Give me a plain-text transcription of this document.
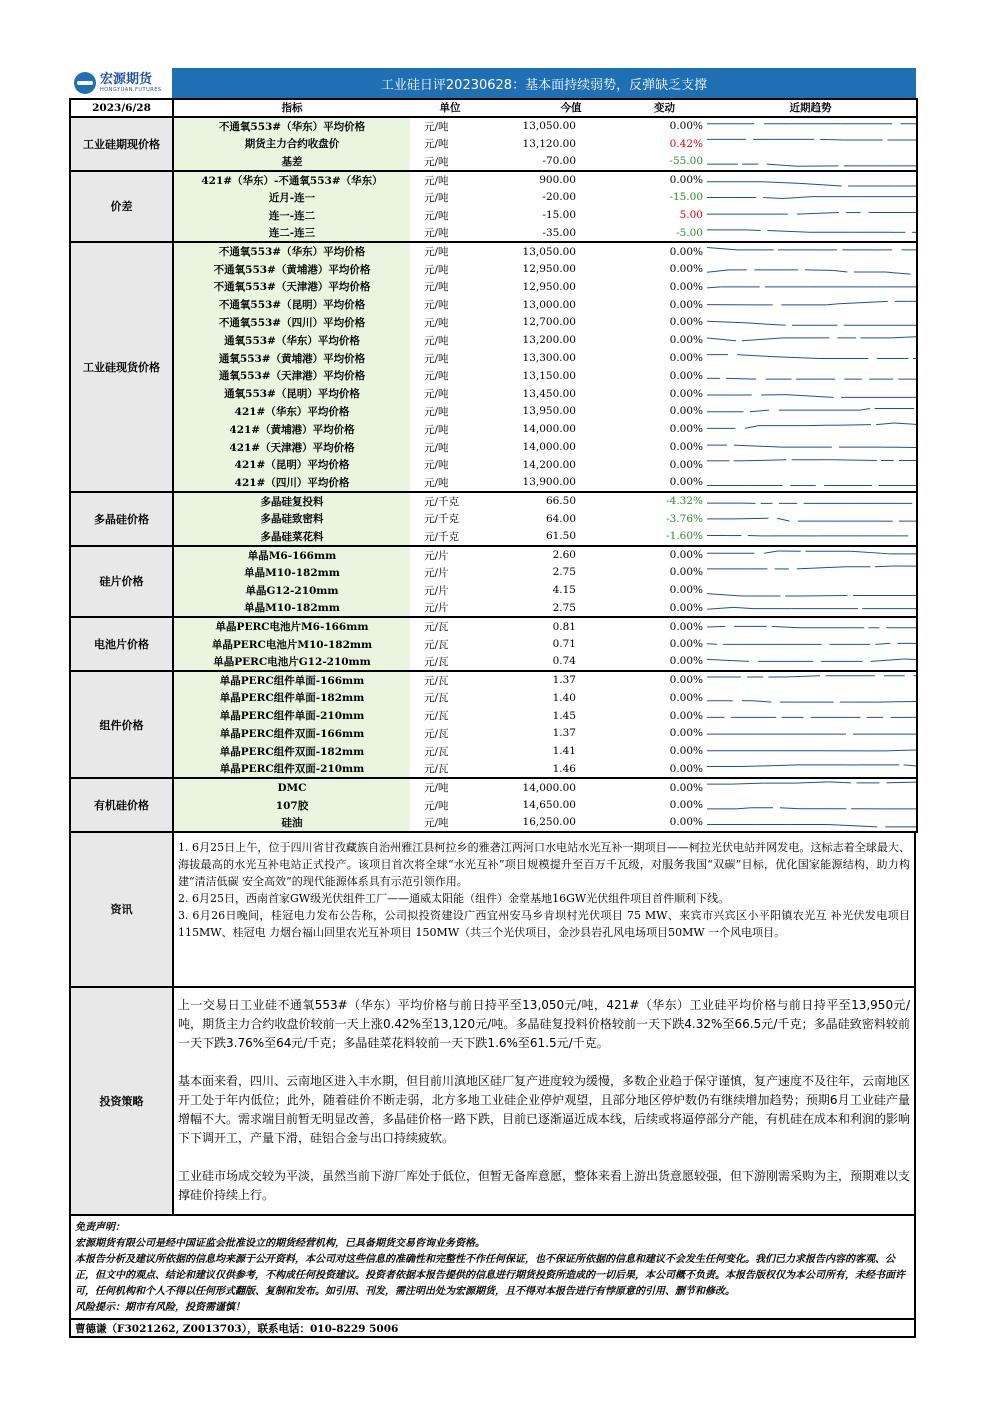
宏源期货
HONGYUAN FUTURES	工业硅日评20230628：基本面持续弱势，反弹缺乏支撑
2023/6/28	指标	单位	今值	变动	近期趋势
工业硅期现价格	不通氧553#（华东）平均价格	元/吨	13,050.00	0.00%	

	期货主力合约收盘价	元/吨	13,120.00	0.42%	

	基差	元/吨	-70.00	-55.00	

价差	421#（华东）-不通氧553#（华东）	元/吨	900.00	0.00%	

	近月-连一	元/吨	-20.00	-15.00	

	连一-连二	元/吨	-15.00	5.00	

	连二-连三	元/吨	-35.00	-5.00	

工业硅现货价格	不通氧553#（华东）平均价格	元/吨	13,050.00	0.00%	

	不通氧553#（黄埔港）平均价格	元/吨	12,950.00	0.00%	

	不通氧553#（天津港）平均价格	元/吨	12,950.00	0.00%	

	不通氧553#（昆明）平均价格	元/吨	13,000.00	0.00%	

	不通氧553#（四川）平均价格	元/吨	12,700.00	0.00%	

	通氧553#（华东）平均价格	元/吨	13,200.00	0.00%	

	通氧553#（黄埔港）平均价格	元/吨	13,300.00	0.00%	

	通氧553#（天津港）平均价格	元/吨	13,150.00	0.00%	

	通氧553#（昆明）平均价格	元/吨	13,450.00	0.00%	

	421#（华东）平均价格	元/吨	13,950.00	0.00%	

	421#（黄埔港）平均价格	元/吨	14,000.00	0.00%	

	421#（天津港）平均价格	元/吨	14,000.00	0.00%	

	421#（昆明）平均价格	元/吨	14,200.00	0.00%	

	421#（四川）平均价格	元/吨	13,900.00	0.00%	

多晶硅价格	多晶硅复投料	元/千克	66.50	-4.32%	

	多晶硅致密料	元/千克	64.00	-3.76%	

	多晶硅菜花料	元/千克	61.50	-1.60%	

硅片价格	单晶M6-166mm	元/片	2.60	0.00%	

	单晶M10-182mm	元/片	2.75	0.00%	

	单晶G12-210mm	元/片	4.15	0.00%	

	单晶M10-182mm	元/片	2.75	0.00%	

电池片价格	单晶PERC电池片M6-166mm	元/瓦	0.81	0.00%	

	单晶PERC电池片M10-182mm	元/瓦	0.71	0.00%	

	单晶PERC电池片G12-210mm	元/瓦	0.74	0.00%	

组件价格	单晶PERC组件单面-166mm	元/瓦	1.37	0.00%	

	单晶PERC组件单面-182mm	元/瓦	1.40	0.00%	

	单晶PERC组件单面-210mm	元/瓦	1.45	0.00%	

	单晶PERC组件双面-166mm	元/瓦	1.37	0.00%	

	单晶PERC组件双面-182mm	元/瓦	1.41	0.00%	

	单晶PERC组件双面-210mm	元/瓦	1.46	0.00%	

有机硅价格	DMC	元/吨	14,000.00	0.00%	

	107胶	元/吨	14,650.00	0.00%	

	硅油	元/吨	16,250.00	0.00%	
资讯

1. 6月25日上午，位于四川省甘孜藏族自治州雅江县柯拉乡的雅砻江两河口水电站水光互补一期项目——柯拉光伏电站并网发电。这标志着全球最大、海拔最高的水光互补电站正式投产。该项目首次将全球“水光互补”项目规模提升至百万千瓦级，对服务我国“双碳”目标，优化国家能源结构，助力构建“清洁低碳 安全高效”的现代能源体系具有示范引领作用。

2. 6月25日，西南首家GW级光伏组件工厂——通威太阳能（组件）金堂基地16GW光伏组件项目首件顺利下线。

3. 6月26日晚间，桂冠电力发布公告称，公司拟投资建设广西宜州安马乡肯坝村光伏项目 75 MW、来宾市兴宾区小平阳镇农光互 补光伏发电项目 115MW、桂冠电 力烟台福山回里农光互补项目 150MW（共三个光伏项目，金沙县岩孔风电场项目50MW 一个风电项目。

投资策略

上一交易日工业硅不通氧553#（华东）平均价格与前日持平至13,050元/吨，421#（华东）工业硅平均价格与前日持平至13,950元/吨，期货主力合约收盘价较前一天上涨0.42%至13,120元/吨。多晶硅复投料价格较前一天下跌4.32%至66.5元/千克；多晶硅致密料较前一天下跌3.76%至64元/千克；多晶硅菜花料较前一天下跌1.6%至61.5元/千克。

基本面来看，四川、云南地区进入丰水期，但目前川滇地区硅厂复产进度较为缓慢，多数企业趋于保守谨慎，复产速度不及往年，云南地区开工处于年内低位；此外，随着硅价不断走弱，北方多地工业硅企业停炉观望，且部分地区停炉数仍有继续增加趋势；预期6月工业硅产量增幅不大。需求端目前暂无明显改善，多晶硅价格一路下跌，目前已逐渐逼近成本线，后续或将逼停部分产能，有机硅在成本和利润的影响下下调开工，产量下滑，硅铝合金与出口持续疲软。

工业硅市场成交较为平淡，虽然当前下游厂库处于低位，但暂无备库意愿，整体来看上游出货意愿较强，但下游刚需采购为主，预期难以支撑硅价持续上行。

免责声明：
宏源期货有限公司是经中国证监会批准设立的期货经营机构，已具备期货交易咨询业务资格。
本报告分析及建议所依据的信息均来源于公开资料，本公司对这些信息的准确性和完整性不作任何保证，也不保证所依据的信息和建议不会发生任何变化。我们已力求报告内容的客观、公正，但文中的观点、结论和建议仅供参考，不构成任何投资建议。投资者依据本报告提供的信息进行期货投资所造成的一切后果，本公司概不负责。本报告版权仅为本公司所有，未经书面许可，任何机构和个人不得以任何形式翻版、复制和发布。如引用、刊发，需注明出处为宏源期货，且不得对本报告进行有悖原意的引用、删节和修改。
风险提示：期市有风险，投资需谨慎！
曹德谦（F3021262, Z0013703），联系电话：010-8229 5006
